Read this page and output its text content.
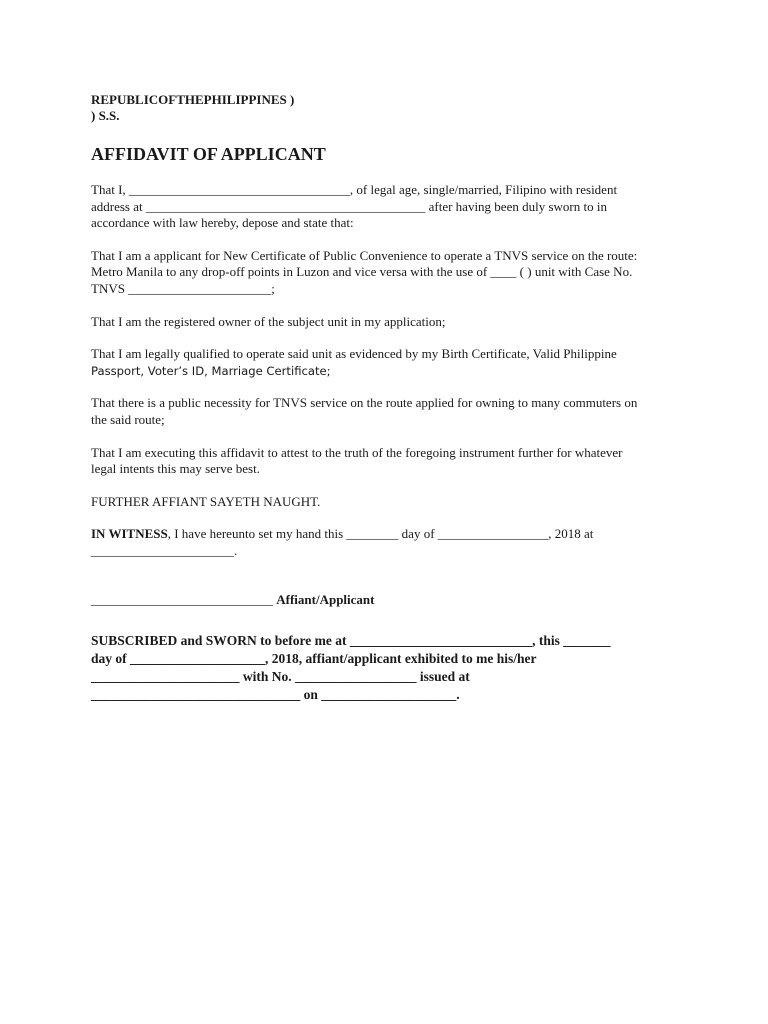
REPUBLICOFTHEPHILIPPINES )
) S.S.
AFFIDAVIT OF APPLICANT

That I, __________________________________, of legal age, single/married, Filipino with resident
address at ___________________________________________ after having been duly sworn to in
accordance with law hereby, depose and state that:

That I am a applicant for New Certificate of Public Convenience to operate a TNVS service on the route:
Metro Manila to any drop-off points in Luzon and vice versa with the use of ____ ( ) unit with Case No.
TNVS ______________________;

That I am the registered owner of the subject unit in my application;

That I am legally qualified to operate said unit as evidenced by my Birth Certificate, Valid Philippine
Passport, Voter’s ID, Marriage Certificate;

That there is a public necessity for TNVS service on the route applied for owning to many commuters on
the said route;

That I am executing this affidavit to attest to the truth of the foregoing instrument further for whatever
legal intents this may serve best.

FURTHER AFFIANT SAYETH NAUGHT.

IN WITNESS, I have hereunto set my hand this ________ day of _________________, 2018 at
______________________.

____________________________ Affiant/Applicant
SUBSCRIBED and SWORN to before me at ___________________________, this _______
day of ____________________, 2018, affiant/applicant exhibited to me his/her
______________________ with No. __________________ issued at
_______________________________ on ____________________.
